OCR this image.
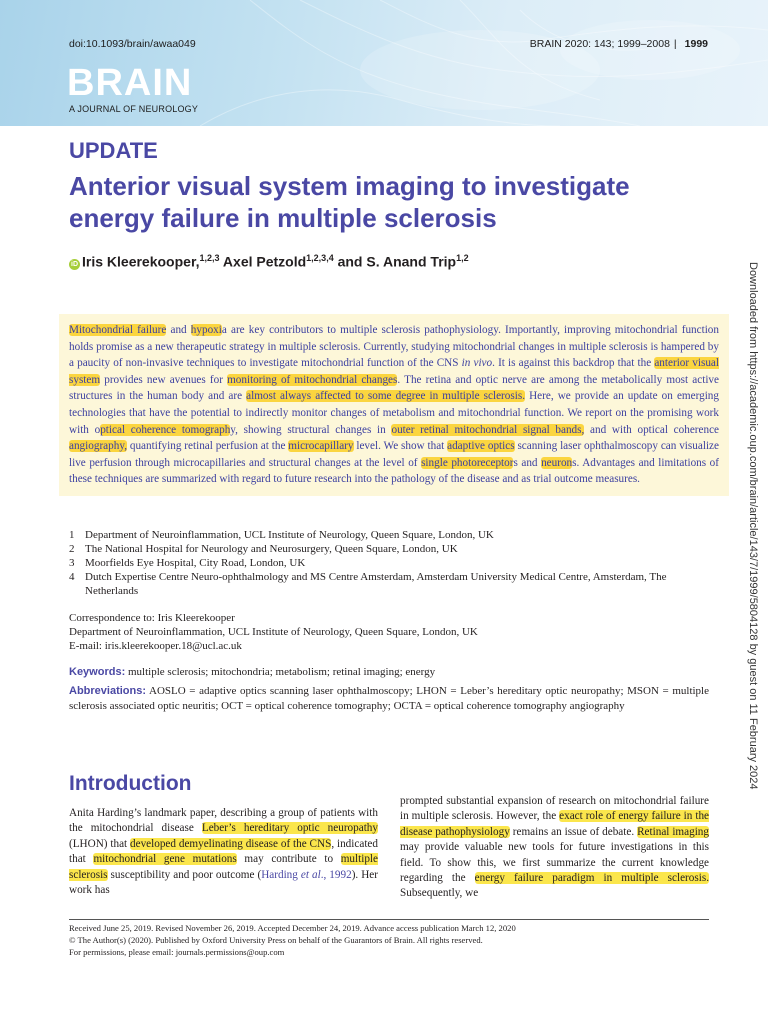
doi:10.1093/brain/awaa049	BRAIN 2020: 143; 1999–2008 | 1999
BRAIN
A JOURNAL OF NEUROLOGY
UPDATE
Anterior visual system imaging to investigate energy failure in multiple sclerosis
iD Iris Kleerekooper,$^{1,2,3}$ Axel Petzold$^{1,2,3,4}$ and S. Anand Trip$^{1,2}$

Mitochondrial failure and hypoxia are key contributors to multiple sclerosis pathophysiology. Importantly, improving mitochondrial function holds promise as a new therapeutic strategy in multiple sclerosis. Currently, studying mitochondrial changes in multiple sclerosis is hampered by a paucity of non-invasive techniques to investigate mitochondrial function of the CNS in vivo. It is against this backdrop that the anterior visual system provides new avenues for monitoring of mitochondrial changes. The retina and optic nerve are among the metabolically most active structures in the human body and are almost always affected to some degree in multiple sclerosis. Here, we provide an update on emerging technologies that have the potential to indirectly monitor changes of metabolism and mitochondrial function. We report on the promising work with optical coherence tomography, showing structural changes in outer retinal mitochondrial signal bands, and with optical coherence angiography, quantifying retinal perfusion at the microcapillary level. We show that adaptive optics scanning laser ophthalmoscopy can visualize live perfusion through microcapillaries and structural changes at the level of single photoreceptors and neurons. Advantages and limitations of these techniques are summarized with regard to future research into the pathology of the disease and as trial outcome measures.

1 Department of Neuroinflammation, UCL Institute of Neurology, Queen Square, London, UK
2 The National Hospital for Neurology and Neurosurgery, Queen Square, London, UK
3 Moorfields Eye Hospital, City Road, London, UK
4 Dutch Expertise Centre Neuro-ophthalmology and MS Centre Amsterdam, Amsterdam University Medical Centre, Amsterdam, The Netherlands
Correspondence to: Iris Kleerekooper
Department of Neuroinflammation, UCL Institute of Neurology, Queen Square, London, UK
E-mail: iris.kleerekooper.18@ucl.ac.uk
Keywords: multiple sclerosis; mitochondria; metabolism; retinal imaging; energy
Abbreviations: AOSLO = adaptive optics scanning laser ophthalmoscopy; LHON = Leber’s hereditary optic neuropathy; MSON = multiple sclerosis associated optic neuritis; OCT = optical coherence tomography; OCTA = optical coherence tomography angiography
Introduction

Anita Harding’s landmark paper, describing a group of patients with the mitochondrial disease Leber’s hereditary optic neuropathy (LHON) that developed demyelinating disease of the CNS, indicated that mitochondrial gene mutations may contribute to multiple sclerosis susceptibility and poor outcome (Harding et al., 1992). Her work has

prompted substantial expansion of research on mitochondrial failure in multiple sclerosis. However, the exact role of energy failure in the disease pathophysiology remains an issue of debate. Retinal imaging may provide valuable new tools for future investigations in this field. To show this, we first summarize the current knowledge regarding the energy failure paradigm in multiple sclerosis. Subsequently, we

Received June 25, 2019. Revised November 26, 2019. Accepted December 24, 2019. Advance access publication March 12, 2020
© The Author(s) (2020). Published by Oxford University Press on behalf of the Guarantors of Brain. All rights reserved.
For permissions, please email: journals.permissions@oup.com
Downloaded from https://academic.oup.com/brain/article/143/7/1999/5804128 by guest on 11 February 2024
